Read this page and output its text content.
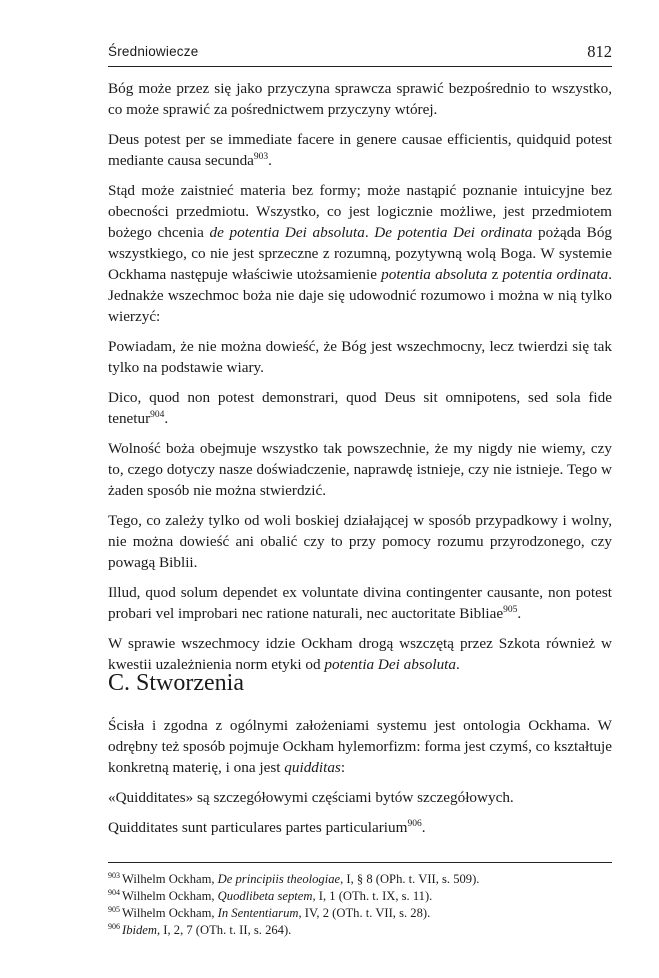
Średniowiecze	812

Bóg może przez się jako przyczyna sprawcza sprawić bezpośrednio to wszystko, co może sprawić za pośrednictwem przyczyny wtórej.

Deus potest per se immediate facere in genere causae efficientis, quidquid potest mediante causa secunda$^{903}$.

Stąd może zaistnieć materia bez formy; może nastąpić poznanie intuicyjne bez obecności przedmiotu. Wszystko, co jest logicznie możliwe, jest przedmiotem bożego chcenia de potentia Dei absoluta. De potentia Dei ordinata pożąda Bóg wszystkiego, co nie jest sprzeczne z rozumną, pozytywną wolą Boga. W systemie Ockhama następuje właściwie utożsamienie potentia absoluta z potentia ordinata. Jednakże wszechmoc boża nie daje się udowodnić rozumowo i można w nią tylko wierzyć:

Powiadam, że nie można dowieść, że Bóg jest wszechmocny, lecz twierdzi się tak tylko na podstawie wiary.

Dico, quod non potest demonstrari, quod Deus sit omnipotens, sed sola fide tenetur$^{904}$.

Wolność boża obejmuje wszystko tak powszechnie, że my nigdy nie wiemy, czy to, czego dotyczy nasze doświadczenie, naprawdę istnieje, czy nie istnieje. Tego w żaden sposób nie można stwierdzić.

Tego, co zależy tylko od woli boskiej działającej w sposób przypadkowy i wolny, nie można dowieść ani obalić czy to przy pomocy rozumu przyrodzonego, czy powagą Biblii.

Illud, quod solum dependet ex voluntate divina contingenter causante, non potest probari vel improbari nec ratione naturali, nec auctoritate Bibliae$^{905}$.

W sprawie wszechmocy idzie Ockham drogą wszczętą przez Szkota również w kwestii uzależnienia norm etyki od potentia Dei absoluta.

C. Stworzenia

Ścisła i zgodna z ogólnymi założeniami systemu jest ontologia Ockhama. W odrębny też sposób pojmuje Ockham hylemorfizm: forma jest czymś, co kształtuje konkretną materię, i ona jest quidditas:

«Quidditates» są szczegółowymi częściami bytów szczegółowych.

Quidditates sunt particulares partes particularium$^{906}$.

$^{903}$ Wilhelm Ockham, De principiis theologiae, I, § 8 (OPh. t. VII, s. 509).

$^{904}$ Wilhelm Ockham, Quodlibeta septem, I, 1 (OTh. t. IX, s. 11).

$^{905}$ Wilhelm Ockham, In Sententiarum, IV, 2 (OTh. t. VII, s. 28).

$^{906}$ Ibidem, I, 2, 7 (OTh. t. II, s. 264).
